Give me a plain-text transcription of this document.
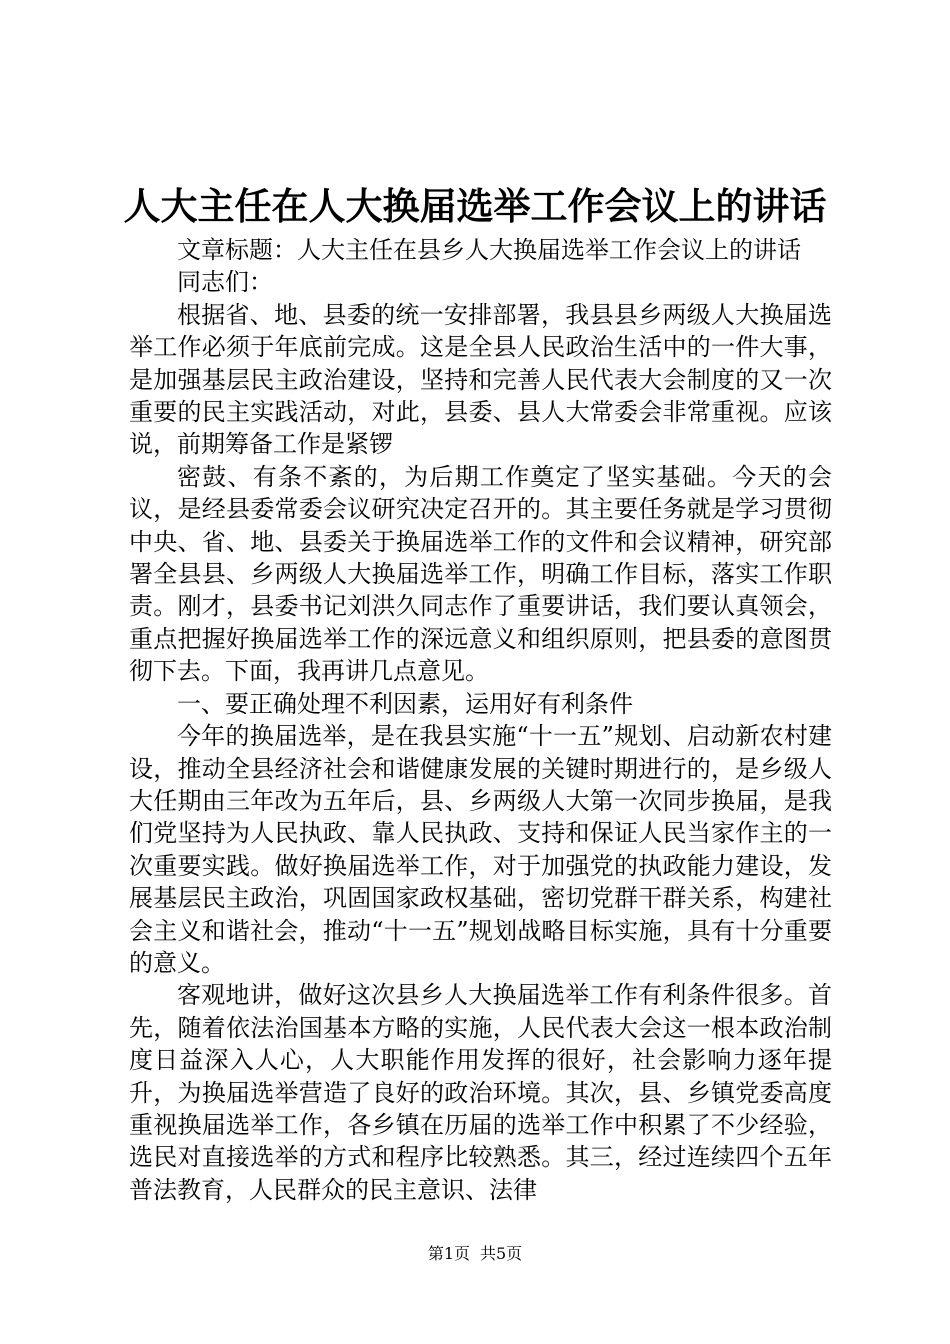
人大主任在人大换届选举工作会议上的讲话

文章标题：人大主任在县乡人大换届选举工作会议上的讲话

同志们：

根据省、地、县委的统一安排部署，我县县乡两级人大换届选举工作必须于年底前完成。这是全县人民政治生活中的一件大事，是加强基层民主政治建设，坚持和完善人民代表大会制度的又一次重要的民主实践活动，对此，县委、县人大常委会非常重视。应该说，前期筹备工作是紧锣

密鼓、有条不紊的，为后期工作奠定了坚实基础。今天的会议，是经县委常委会议研究决定召开的。其主要任务就是学习贯彻中央、省、地、县委关于换届选举工作的文件和会议精神，研究部署全县县、乡两级人大换届选举工作，明确工作目标，落实工作职责。刚才，县委书记刘洪久同志作了重要讲话，我们要认真领会，重点把握好换届选举工作的深远意义和组织原则，把县委的意图贯彻下去。下面，我再讲几点意见。

一、要正确处理不利因素，运用好有利条件

今年的换届选举，是在我县实施“十一五”规划、启动新农村建设，推动全县经济社会和谐健康发展的关键时期进行的，是乡级人大任期由三年改为五年后，县、乡两级人大第一次同步换届，是我们党坚持为人民执政、靠人民执政、支持和保证人民当家作主的一次重要实践。做好换届选举工作，对于加强党的执政能力建设，发展基层民主政治，巩固国家政权基础，密切党群干群关系，构建社会主义和谐社会，推动“十一五”规划战略目标实施，具有十分重要的意义。

客观地讲，做好这次县乡人大换届选举工作有利条件很多。首先，随着依法治国基本方略的实施，人民代表大会这一根本政治制度日益深入人心，人大职能作用发挥的很好，社会影响力逐年提升，为换届选举营造了良好的政治环境。其次，县、乡镇党委高度重视换届选举工作，各乡镇在历届的选举工作中积累了不少经验，选民对直接选举的方式和程序比较熟悉。其三，经过连续四个五年普法教育，人民群众的民主意识、法律

第1页 共5页
